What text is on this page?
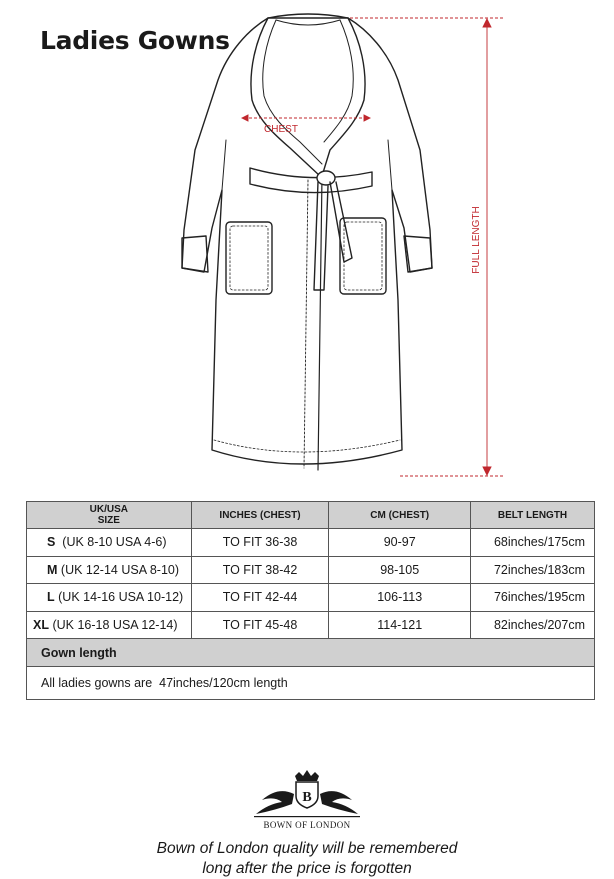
Ladies Gowns
CHEST
FULL LENGTH
UK/USA
SIZE	INCHES (CHEST)	CM (CHEST)	BELT LENGTH
S (UK 8-10 USA 4-6)	TO FIT 36-38	90-97	68inches/175cm
M (UK 12-14 USA 8-10)	TO FIT 38-42	98-105	72inches/183cm
L (UK 14-16 USA 10-12)	TO FIT 42-44	106-113	76inches/195cm
XL (UK 16-18 USA 12-14)	TO FIT 45-48	114-121	82inches/207cm
Gown length			
All ladies gowns are  47inches/120cm length			
B
BOWN OF LONDON
Bown of London quality will be remembered
long after the price is forgotten
